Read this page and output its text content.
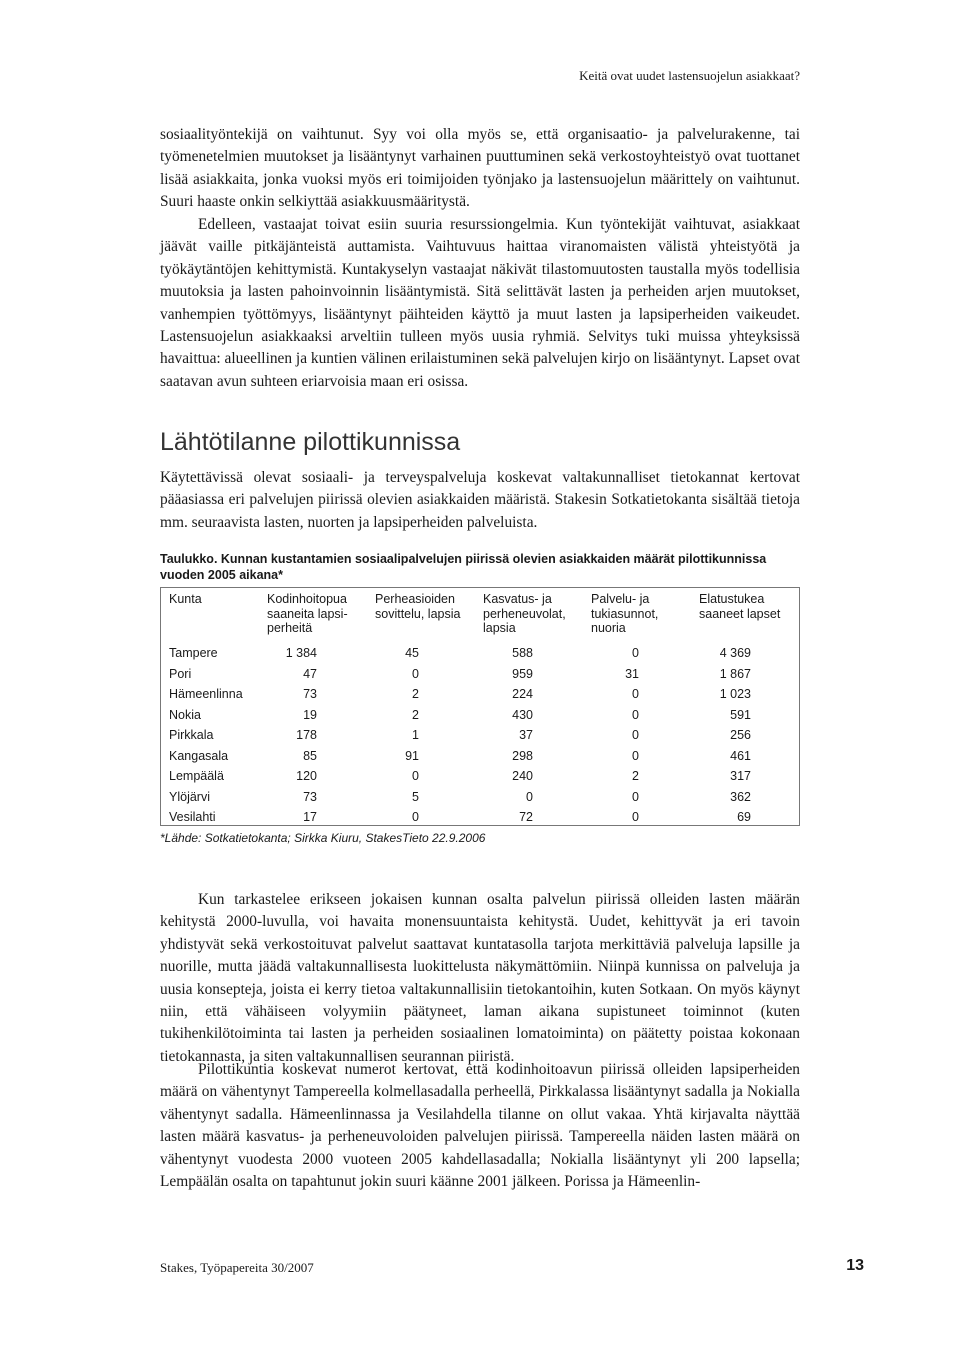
Keitä ovat uudet lastensuojelun asiakkaat?

sosiaalityöntekijä on vaihtunut. Syy voi olla myös se, että organisaatio- ja palvelurakenne, tai työmenetelmien muutokset ja lisääntynyt varhainen puuttuminen sekä verkostoyhteistyö ovat tuottanet lisää asiakkaita, jonka vuoksi myös eri toimijoiden työnjako ja lastensuojelun määrittely on vaihtunut. Suuri haaste onkin selkiyttää asiakkuusmääritystä.

Edelleen, vastaajat toivat esiin suuria resurssiongelmia. Kun työntekijät vaihtuvat, asiakkaat jäävät vaille pitkäjänteistä auttamista. Vaihtuvuus haittaa viranomaisten välistä yhteistyötä ja työkäytäntöjen kehittymistä. Kuntakyselyn vastaajat näkivät tilastomuutosten taustalla myös todellisia muutoksia ja lasten pahoinvoinnin lisääntymistä. Sitä selittävät lasten ja perheiden arjen muutokset, vanhempien työttömyys, lisääntynyt päihteiden käyttö ja muut lasten ja lapsiperheiden vaikeudet. Lastensuojelun asiakkaaksi arveltiin tulleen myös uusia ryhmiä. Selvitys tuki muissa yhteyksissä havaittua: alueellinen ja kuntien välinen erilaistuminen sekä palvelujen kirjo on lisääntynyt. Lapset ovat saatavan avun suhteen eriarvoisia maan eri osissa.

Lähtötilanne pilottikunnissa

Käytettävissä olevat sosiaali- ja terveyspalveluja koskevat valtakunnalliset tietokannat kertovat pääasiassa eri palvelujen piirissä olevien asiakkaiden määristä. Stakesin Sotkatietokanta sisältää tietoja mm. seuraavista lasten, nuorten ja lapsiperheiden palveluista.

Taulukko. Kunnan kustantamien sosiaalipalvelujen piirissä olevien asiakkaiden määrät pilottikunnissa vuoden 2005 aikana*

Kunta	Kodinhoitopua saaneita lapsiperheitä	Perheasioiden sovittelu, lapsia	Kasvatus- ja perheneuvolat, lapsia	Palvelu- ja tukiasunnot, nuoria	Elatustukea saaneet lapset
Tampere	1 384	45	588	0	4 369
Pori	47	0	959	31	1 867
Hämeenlinna	73	2	224	0	1 023
Nokia	19	2	430	0	591
Pirkkala	178	1	37	0	256
Kangasala	85	91	298	0	461
Lempäälä	120	0	240	2	317
Ylöjärvi	73	5	0	0	362
Vesilahti	17	0	72	0	69
*Lähde: Sotkatietokanta; Sirkka Kiuru, StakesTieto 22.9.2006

Kun tarkastelee erikseen jokaisen kunnan osalta palvelun piirissä olleiden lasten määrän kehitystä 2000-luvulla, voi havaita monensuuntaista kehitystä. Uudet, kehittyvät ja eri tavoin yhdistyvät sekä verkostoituvat palvelut saattavat kuntatasolla tarjota merkittäviä palveluja lapsille ja nuorille, mutta jäädä valtakunnallisesta luokittelusta näkymättömiin. Niinpä kunnissa on palveluja ja uusia konsepteja, joista ei kerry tietoa valtakunnallisiin tietokantoihin, kuten Sotkaan. On myös käynyt niin, että vähäiseen volyymiin päätyneet, laman aikana supistuneet toiminnot (kuten tukihenkilötoiminta tai lasten ja perheiden sosiaalinen lomatoiminta) on päätetty poistaa kokonaan tietokannasta, ja siten valtakunnallisen seurannan piiristä.

Pilottikuntia koskevat numerot kertovat, että kodinhoitoavun piirissä olleiden lapsiperheiden määrä on vähentynyt Tampereella kolmellasadalla perheellä, Pirkkalassa lisääntynyt sadalla ja Nokialla vähentynyt sadalla. Hämeenlinnassa ja Vesilahdella tilanne on ollut vakaa. Yhtä kirjavalta näyttää lasten määrä kasvatus- ja perheneuvoloiden palvelujen piirissä. Tampereella näiden lasten määrä on vähentynyt vuodesta 2000 vuoteen 2005 kahdellasadalla; Nokialla lisääntynyt yli 200 lapsella; Lempäälän osalta on tapahtunut jokin suuri käänne 2001 jälkeen. Porissa ja Hämeenlin-

Stakes, Työpapereita 30/2007	13
